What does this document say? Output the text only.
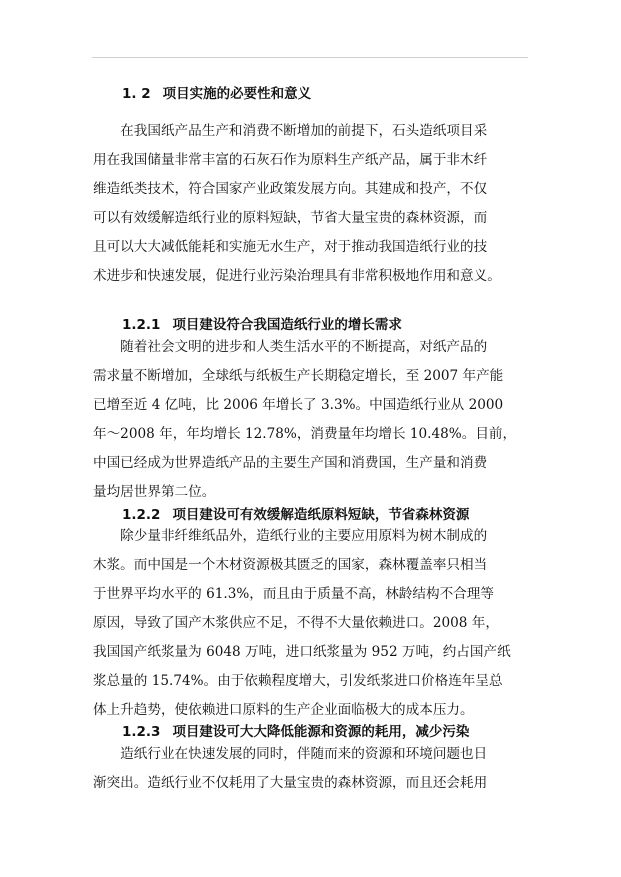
1. 2 项目实施的必要性和意义
　　在我国纸产品生产和消费不断增加的前提下，石头造纸项目采
用在我国储量非常丰富的石灰石作为原料生产纸产品，属于非木纤
维造纸类技术，符合国家产业政策发展方向。其建成和投产，不仅
可以有效缓解造纸行业的原料短缺，节省大量宝贵的森林资源，而
且可以大大减低能耗和实施无水生产，对于推动我国造纸行业的技
术进步和快速发展，促进行业污染治理具有非常积极地作用和意义。
1.2.1 项目建设符合我国造纸行业的增长需求
　　随着社会文明的进步和人类生活水平的不断提高，对纸产品的
需求量不断增加，全球纸与纸板生产长期稳定增长，至 2007 年产能
已增至近 4 亿吨，比 2006 年增长了 3.3%。中国造纸行业从 2000
年～2008 年，年均增长 12.78%，消费量年均增长 10.48%。目前，
中国已经成为世界造纸产品的主要生产国和消费国，生产量和消费
量均居世界第二位。
1.2.2 项目建设可有效缓解造纸原料短缺，节省森林资源
　　除少量非纤维纸品外，造纸行业的主要应用原料为树木制成的
木浆。而中国是一个木材资源极其匮乏的国家，森林覆盖率只相当
于世界平均水平的 61.3%，而且由于质量不高，林龄结构不合理等
原因，导致了国产木浆供应不足，不得不大量依赖进口。2008 年，
我国国产纸浆量为 6048 万吨，进口纸浆量为 952 万吨，约占国产纸
浆总量的 15.74%。由于依赖程度增大，引发纸浆进口价格连年呈总
体上升趋势，使依赖进口原料的生产企业面临极大的成本压力。
1.2.3 项目建设可大大降低能源和资源的耗用，减少污染
　　造纸行业在快速发展的同时，伴随而来的资源和环境问题也日
渐突出。造纸行业不仅耗用了大量宝贵的森林资源，而且还会耗用
